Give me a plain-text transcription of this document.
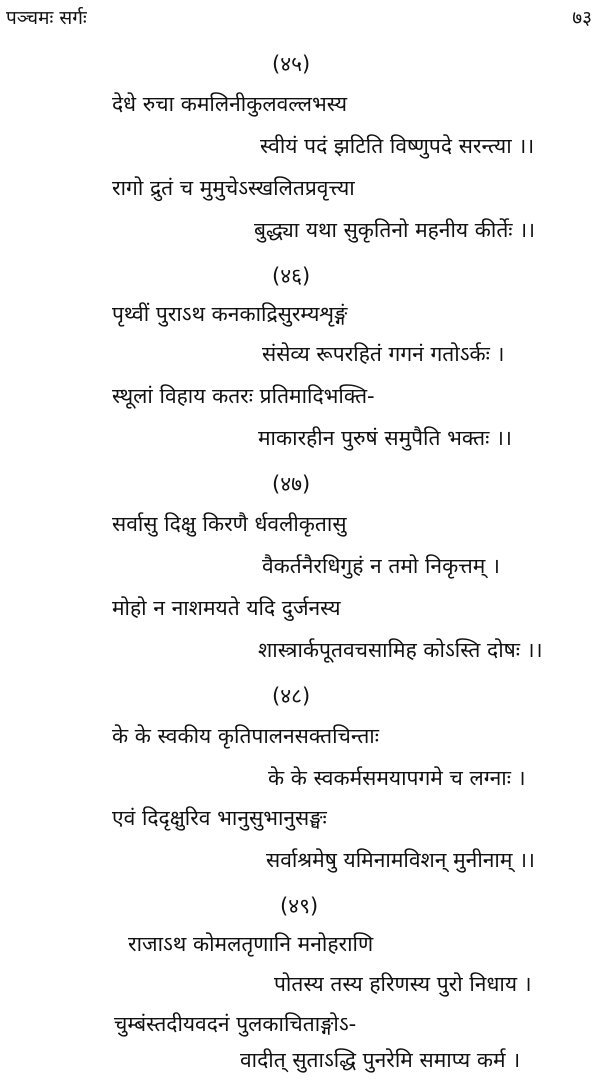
पञ्चमः सर्गः	७३
(४५)
देधे रुचा कमलिनीकुलवल्लभस्य
स्वीयं पदं झटिति विष्णुपदे सरन्त्या ।।
रागो द्रुतं च मुमुचेऽस्खलितप्रवृत्त्या
बुद्ध्या यथा सुकृतिनो महनीय कीर्तेः ।।
(४६)
पृथ्वीं पुराऽथ कनकाद्रिसुरम्यशृङ्गं
संसेव्य रूपरहितं गगनं गतोऽर्कः ।
स्थूलां विहाय कतरः प्रतिमादिभक्ति-
माकारहीन पुरुषं समुपैति भक्तः ।।
(४७)
सर्वासु दिक्षु किरणै र्धवलीकृतासु
वैकर्तनैरधिगुहं न तमो निकृत्तम् ।
मोहो न नाशमयते यदि दुर्जनस्य
शास्त्रार्कपूतवचसामिह कोऽस्ति दोषः ।।
(४८)
के के स्वकीय कृतिपालनसक्तचिन्ताः
के के स्वकर्मसमयापगमे च लग्नाः ।
एवं दिदृक्षुरिव भानुसुभानुसङ्घः
सर्वाश्रमेषु यमिनामविशन् मुनीनाम् ।।
(४९)
राजाऽथ कोमलतृणानि मनोहराणि
पोतस्य तस्य हरिणस्य पुरो निधाय ।
चुम्बंस्तदीयवदनं पुलकाचिताङ्गोऽ-
वादीत् सुताऽद्धि पुनरेमि समाप्य कर्म ।
